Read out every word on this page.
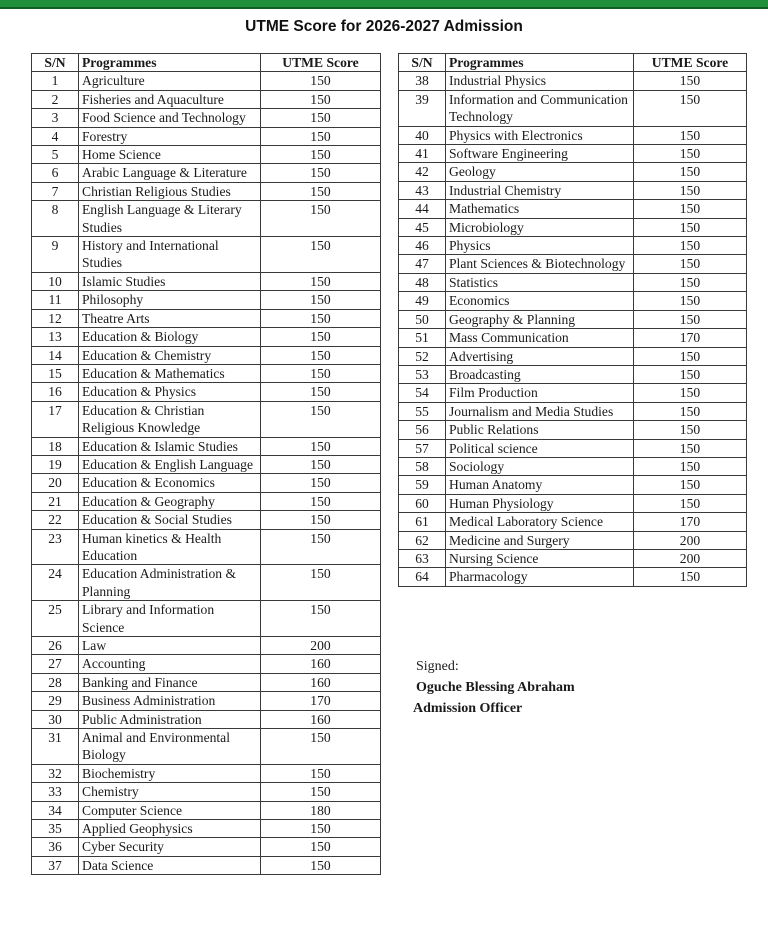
UTME Score for 2026-2027 Admission
S/N	Programmes	UTME Score
1	Agriculture	150
2	Fisheries and Aquaculture	150
3	Food Science and Technology	150
4	Forestry	150
5	Home Science	150
6	Arabic Language & Literature	150
7	Christian Religious Studies	150
8	English Language & Literary Studies	150
9	History and International Studies	150
10	Islamic Studies	150
11	Philosophy	150
12	Theatre Arts	150
13	Education & Biology	150
14	Education & Chemistry	150
15	Education & Mathematics	150
16	Education & Physics	150
17	Education & Christian Religious Knowledge	150
18	Education & Islamic Studies	150
19	Education & English Language	150
20	Education & Economics	150
21	Education & Geography	150
22	Education & Social Studies	150
23	Human kinetics & Health Education	150
24	Education Administration & Planning	150
25	Library and Information Science	150
26	Law	200
27	Accounting	160
28	Banking and Finance	160
29	Business Administration	170
30	Public Administration	160
31	Animal and Environmental Biology	150
32	Biochemistry	150
33	Chemistry	150
34	Computer Science	180
35	Applied Geophysics	150
36	Cyber Security	150
37	Data Science	150
S/N	Programmes	UTME Score
38	Industrial Physics	150
39	Information and Communication Technology	150
40	Physics with Electronics	150
41	Software Engineering	150
42	Geology	150
43	Industrial Chemistry	150
44	Mathematics	150
45	Microbiology	150
46	Physics	150
47	Plant Sciences & Biotechnology	150
48	Statistics	150
49	Economics	150
50	Geography & Planning	150
51	Mass Communication	170
52	Advertising	150
53	Broadcasting	150
54	Film Production	150
55	Journalism and Media Studies	150
56	Public Relations	150
57	Political science	150
58	Sociology	150
59	Human Anatomy	150
60	Human Physiology	150
61	Medical Laboratory Science	170
62	Medicine and Surgery	200
63	Nursing Science	200
64	Pharmacology	150
Signed:
Oguche Blessing Abraham
Admission Officer
